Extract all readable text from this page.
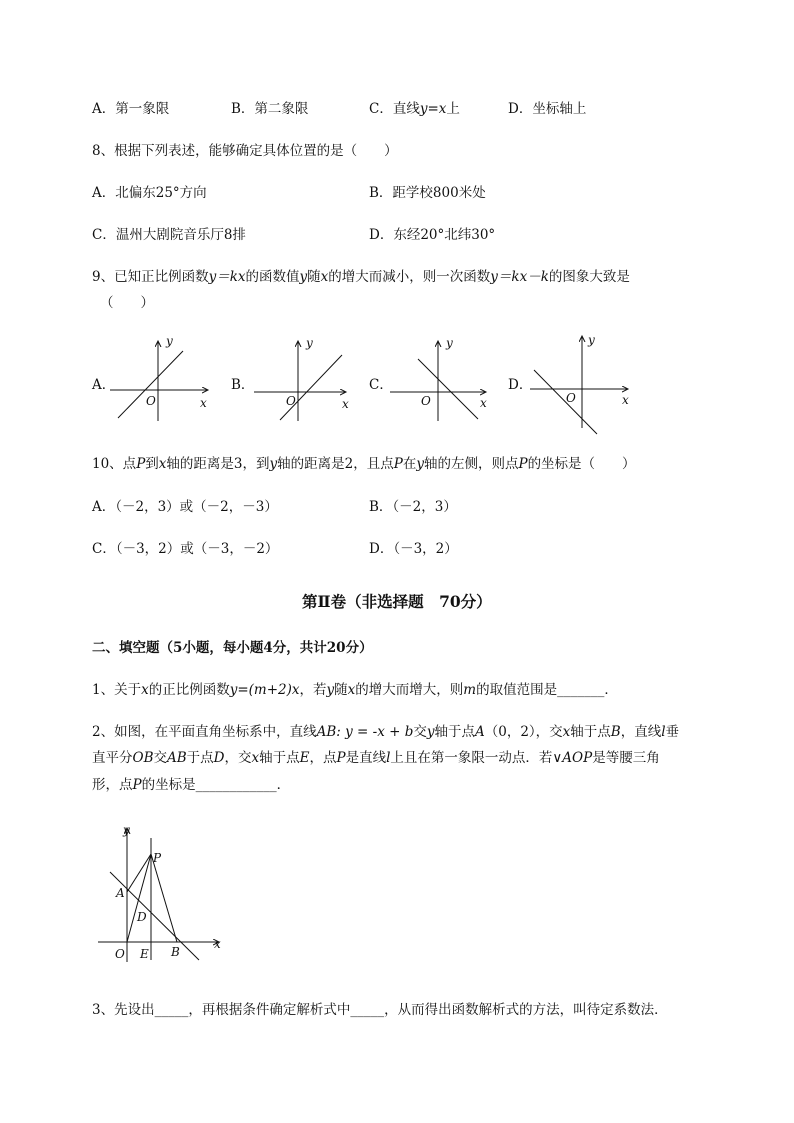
A．第一象限	B．第二象限	C．直线y=x上	D．坐标轴上
8、根据下列表述，能够确定具体位置的是（　　）
A．北偏东25°方向	B．距学校800米处
C．温州大剧院音乐厅8排	D．东经20°北纬30°
9、已知正比例函数y＝kx的函数值y随x的增大而减小，则一次函数y＝kx－k的图象大致是
（　　）
A．	B．	C．	D．
y
x
O
y
x
O
y
x
O
y
x
O
10、点P到x轴的距离是3，到y轴的距离是2，且点P在y轴的左侧，则点P的坐标是（　　）
A．（－2，3）或（－2，－3）	B．（－2，3）
C．（－3，2）或（－3，－2）	D．（－3，2）
第Ⅱ卷（非选择题　70分）
二、填空题（5小题，每小题4分，共计20分）
1、关于x的正比例函数y=(m+2)x，若y随x的增大而增大，则m的取值范围是_______．
2、如图，在平面直角坐标系中，直线AB: y = -x + b交y轴于点A（0，2），交x轴于点B，直线l垂
直平分OB交AB于点D，交x轴于点E，点P是直线l上且在第一象限一动点．若∨AOP是等腰三角
形，点P的坐标是____________．
y
x
O E B
A
D
P
3、先设出_____，再根据条件确定解析式中_____，从而得出函数解析式的方法，叫待定系数法．
